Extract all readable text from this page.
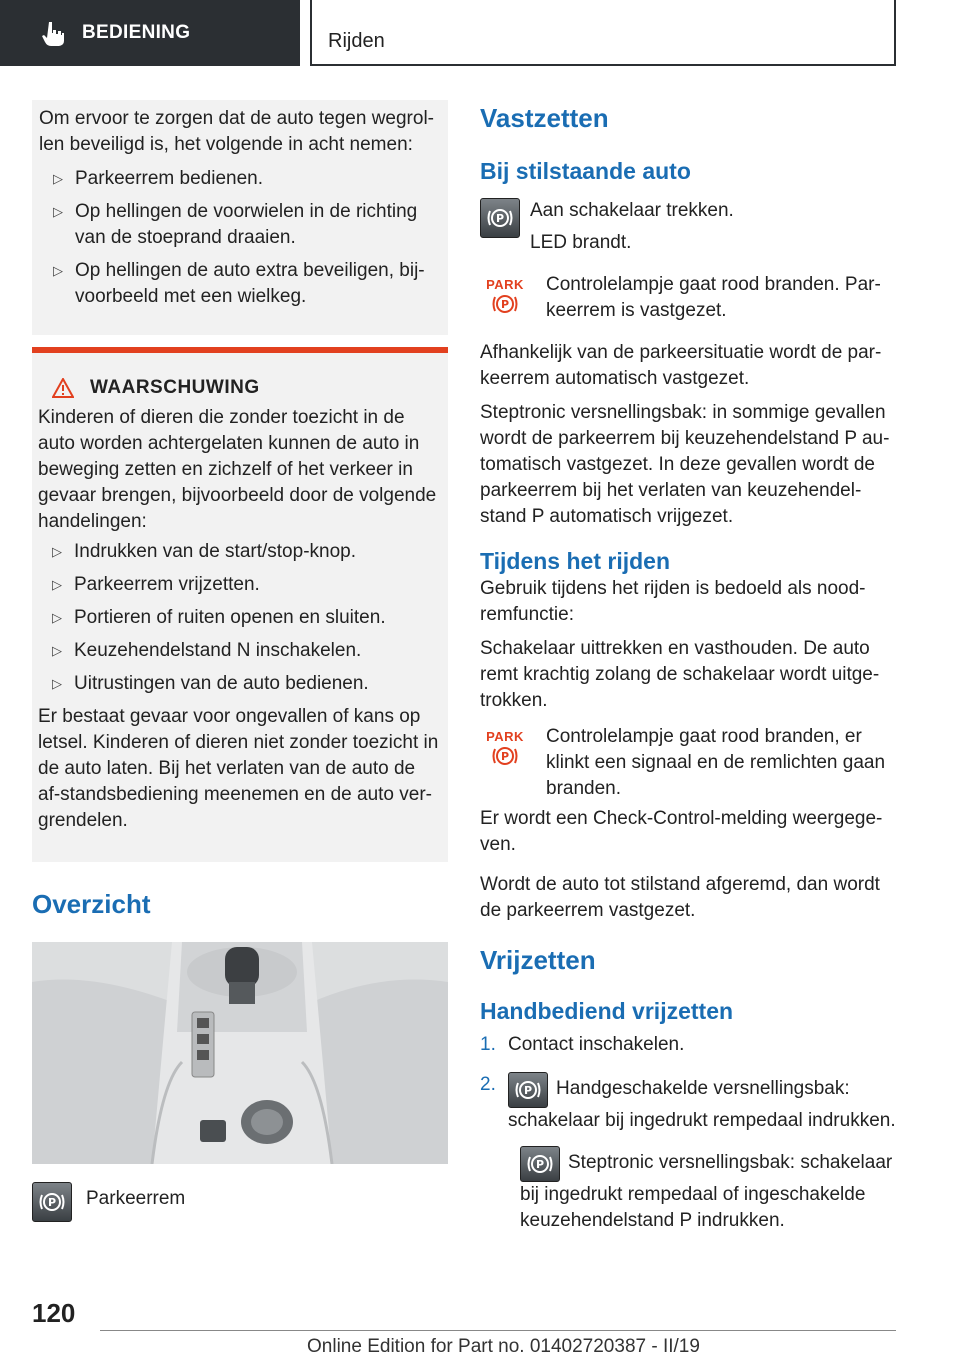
BEDIENING	Rijden

Om ervoor te zorgen dat de auto tegen wegrol-len beveiligd is, het volgende in acht nemen:

▷ Parkeerrem bedienen.
▷ Op hellingen de voorwielen in de richting van de stoeprand draaien.
▷ Op hellingen de auto extra beveiligen, bij-voorbeeld met een wielkeg.
WAARSCHUWING

Kinderen of dieren die zonder toezicht in de auto worden achtergelaten kunnen de auto in beweging zetten en zichzelf of het verkeer in gevaar brengen, bijvoorbeeld door de volgende handelingen:

▷ Indrukken van de start/stop-knop.
▷ Parkeerrem vrijzetten.
▷ Portieren of ruiten openen en sluiten.
▷ Keuzehendelstand N inschakelen.
▷ Uitrustingen van de auto bedienen.

Er bestaat gevaar voor ongevallen of kans op letsel. Kinderen of dieren niet zonder toezicht in de auto laten. Bij het verlaten van de auto de af-standsbediening meenemen en de auto ver-grendelen.

Overzicht
P Parkeerrem
Vastzetten
Bij stilstaande auto
P Aan schakelaar trekken.
LED brandt.
PARK
P
Controlelampje gaat rood branden. Par-keerrem is vastgezet.

Afhankelijk van de parkeersituatie wordt de par-keerrem automatisch vastgezet.

Steptronic versnellingsbak: in sommige gevallen wordt de parkeerrem bij keuzehendelstand P au-tomatisch vastgezet. In deze gevallen wordt de parkeerrem bij het verlaten van keuzehendel-stand P automatisch vrijgezet.

Tijdens het rijden

Gebruik tijdens het rijden is bedoeld als nood-remfunctie:

Schakelaar uittrekken en vasthouden. De auto remt krachtig zolang de schakelaar wordt uitge-trokken.

PARK
P
Controlelampje gaat rood branden, er klinkt een signaal en de remlichten gaan branden.

Er wordt een Check-Control-melding weergege-ven.

Wordt de auto tot stilstand afgeremd, dan wordt de parkeerrem vastgezet.

Vrijzetten
Handbediend vrijzetten
1. Contact inschakelen.
2.	P Handgeschakelde versnellingsbak: schakelaar bij ingedrukt rempedaal indrukken.
P Steptronic versnellingsbak: schakelaar bij ingedrukt rempedaal of ingeschakelde keuzehendelstand P indrukken.
120
Online Edition for Part no. 01402720387 - II/19
